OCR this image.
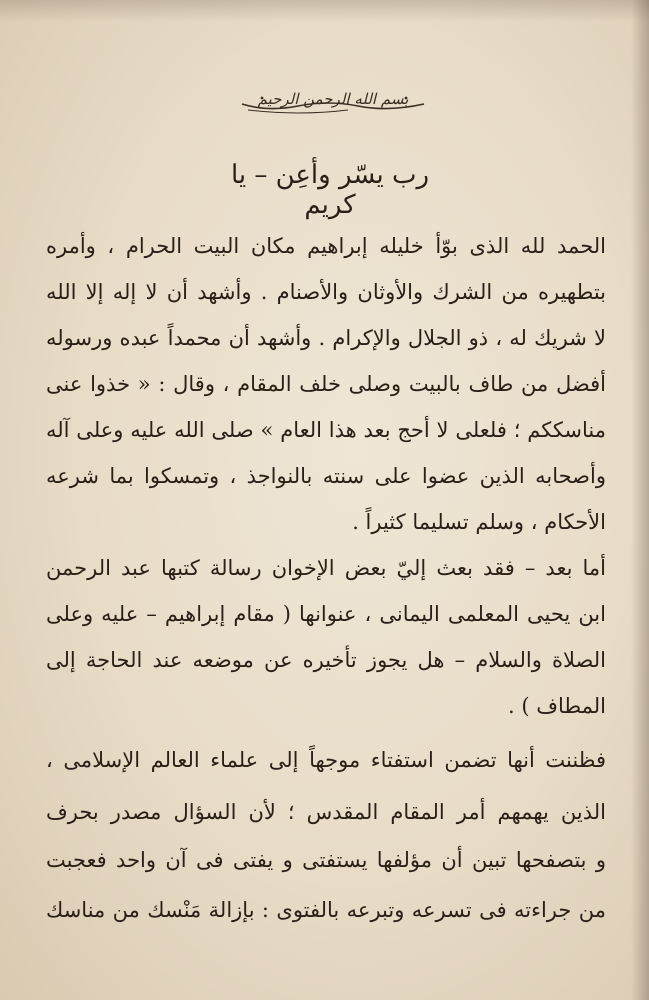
بسم الله الرحمن الرحيم
رب يسّر وأعِن – يا كريم
الحمد لله الذى بوّأ خليله إبراهيم مكان البيت الحرام ، وأمره
بتطهيره من الشرك والأوثان والأصنام . وأشهد أن لا إله إلا الله
لا شريك له ، ذو الجلال والإكرام . وأشهد أن محمداً عبده ورسوله
أفضل من طاف بالبيت وصلى خلف المقام ، وقال : « خذوا عنى
مناسككم ؛ فلعلى لا أحج بعد هذا العام » صلى الله عليه وعلى آله
وأصحابه الذين عضوا على سنته بالنواجذ ، وتمسكوا بما شرعه
الأحكام ، وسلم تسليما كثيراً .
أما بعد – فقد بعث إليّ بعض الإخوان رسالة كتبها عبد الرحمن
ابن يحيى المعلمى اليمانى ، عنوانها ( مقام إبراهيم – عليه وعلى
الصلاة والسلام – هل يجوز تأخيره عن موضعه عند الحاجة إلى
المطاف ) .
فظننت أنها تضمن استفتاء موجهاً إلى علماء العالم الإسلامى ،
الذين يهمهم أمر المقام المقدس ؛ لأن السؤال مصدر بحرف
و بتصفحها تبين أن مؤلفها يستفتى و يفتى فى آن واحد فعجبت
من جراءته فى تسرعه وتبرعه بالفتوى : بإزالة مَنْسك من مناسك
